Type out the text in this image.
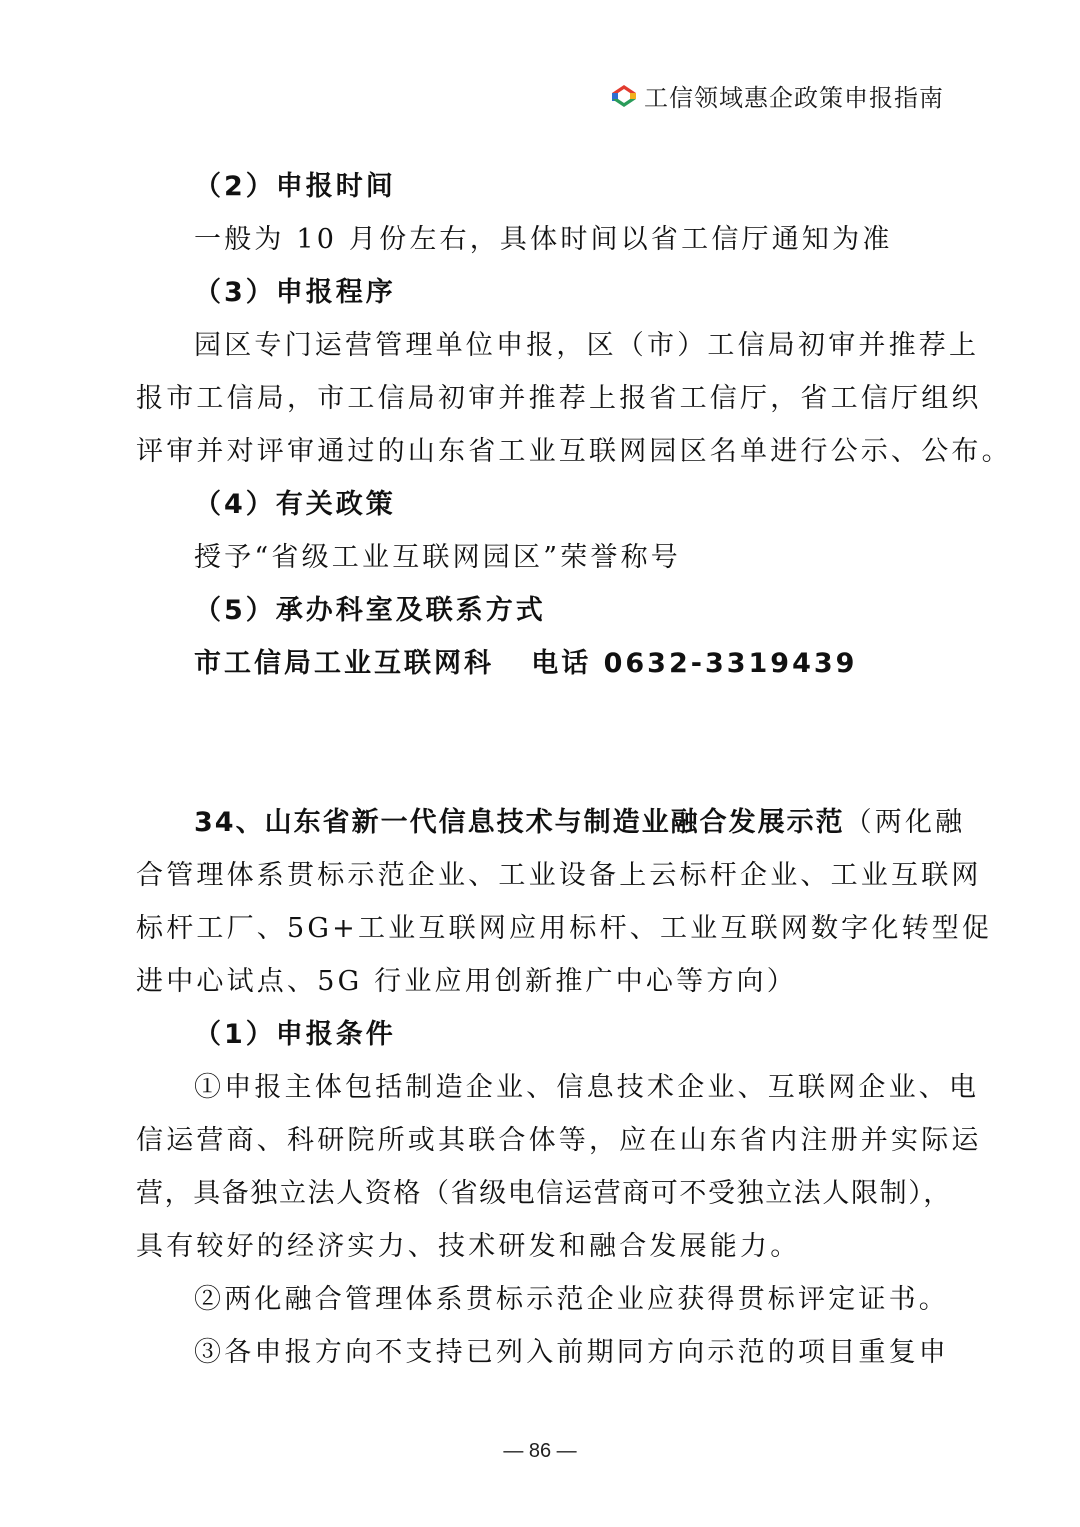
工信领域惠企政策申报指南
（2）申报时间
一般为 10 月份左右，具体时间以省工信厅通知为准
（3）申报程序
园区专门运营管理单位申报，区（市）工信局初审并推荐上
报市工信局，市工信局初审并推荐上报省工信厅，省工信厅组织
评审并对评审通过的山东省工业互联网园区名单进行公示、公布。
（4）有关政策
授予“省级工业互联网园区”荣誉称号
（5）承办科室及联系方式
市工信局工业互联网科   电话 0632-3319439
34、山东省新一代信息技术与制造业融合发展示范（两化融
合管理体系贯标示范企业、工业设备上云标杆企业、工业互联网
标杆工厂、5G+工业互联网应用标杆、工业互联网数字化转型促
进中心试点、5G 行业应用创新推广中心等方向）
（1）申报条件
①申报主体包括制造企业、信息技术企业、互联网企业、电
信运营商、科研院所或其联合体等，应在山东省内注册并实际运
营，具备独立法人资格（省级电信运营商可不受独立法人限制），
具有较好的经济实力、技术研发和融合发展能力。
②两化融合管理体系贯标示范企业应获得贯标评定证书。
③各申报方向不支持已列入前期同方向示范的项目重复申
— 86 —
